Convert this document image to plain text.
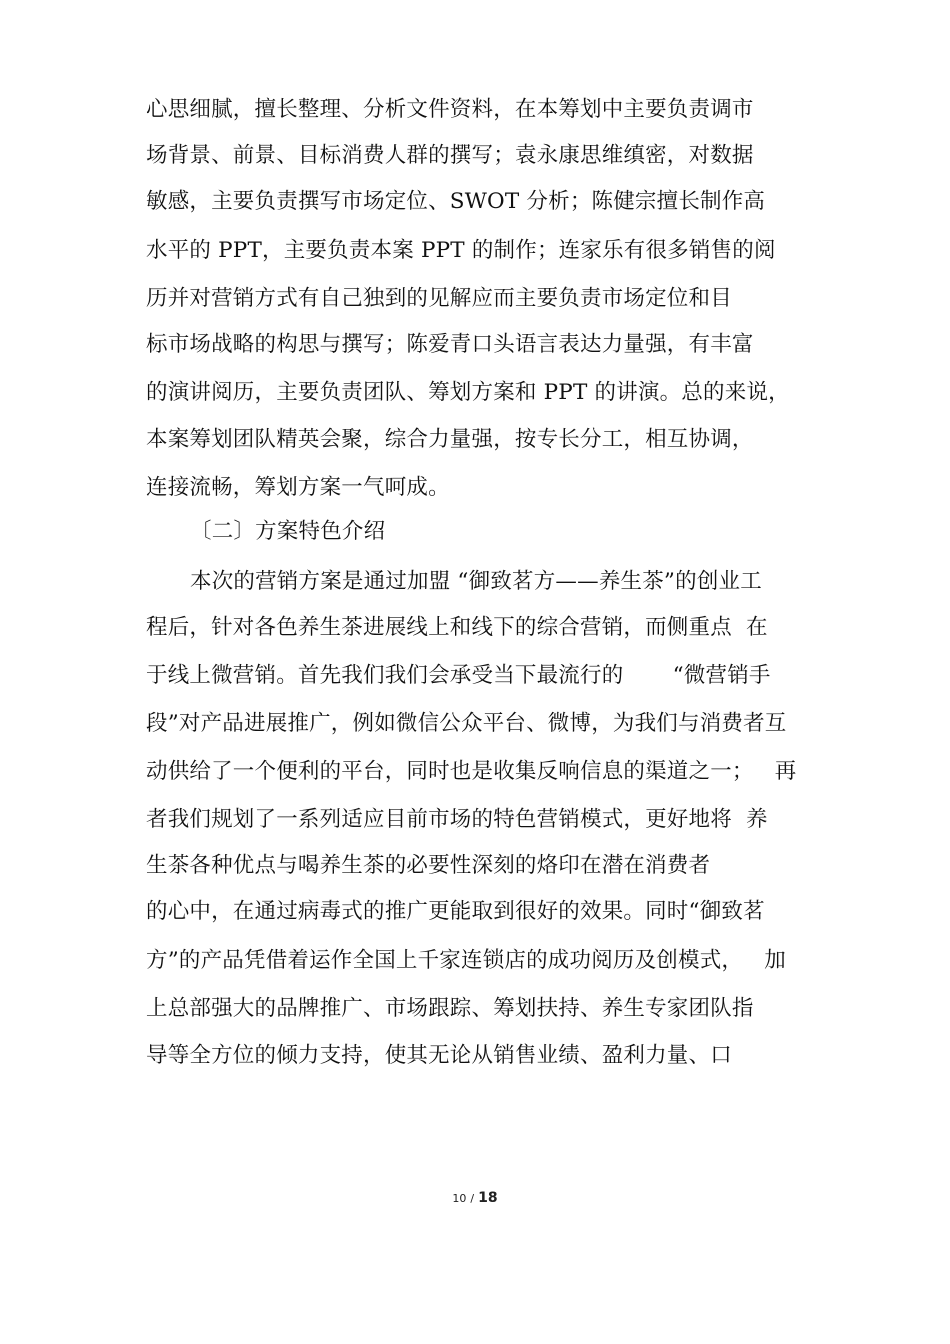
心思细腻，擅长整理、分析文件资料，在本筹划中主要负责调市
场背景、前景、目标消费人群的撰写；袁永康思维缜密，对数据
敏感，主要负责撰写市场定位、SWOT 分析；陈健宗擅长制作高
水平的 PPT，主要负责本案 PPT 的制作；连家乐有很多销售的阅
历并对营销方式有自己独到的见解应而主要负责市场定位和目
标市场战略的构思与撰写；陈爱青口头语言表达力量强，有丰富
的演讲阅历，主要负责团队、筹划方案和 PPT 的讲演。总的来说，
本案筹划团队精英会聚，综合力量强，按专长分工，相互协调，
连接流畅，筹划方案一气呵成。
〔二〕方案特色介绍
本次的营销方案是通过加盟 “御致茗方——养生茶”的创业工
程后，针对各色养生茶进展线上和线下的综合营销，而侧重点  在
于线上微营销。首先我们我们会承受当下最流行的       “微营销手
段”对产品进展推广，例如微信公众平台、微博，为我们与消费者互
动供给了一个便利的平台，同时也是收集反响信息的渠道之一；   再
者我们规划了一系列适应目前市场的特色营销模式，更好地将  养
生茶各种优点与喝养生茶的必要性深刻的烙印在潜在消费者
的心中，在通过病毒式的推广更能取到很好的效果。同时“御致茗
方”的产品凭借着运作全国上千家连锁店的成功阅历及创模式，   加
上总部强大的品牌推广、市场跟踪、筹划扶持、养生专家团队指
导等全方位的倾力支持，使其无论从销售业绩、盈利力量、口
10 / 18
